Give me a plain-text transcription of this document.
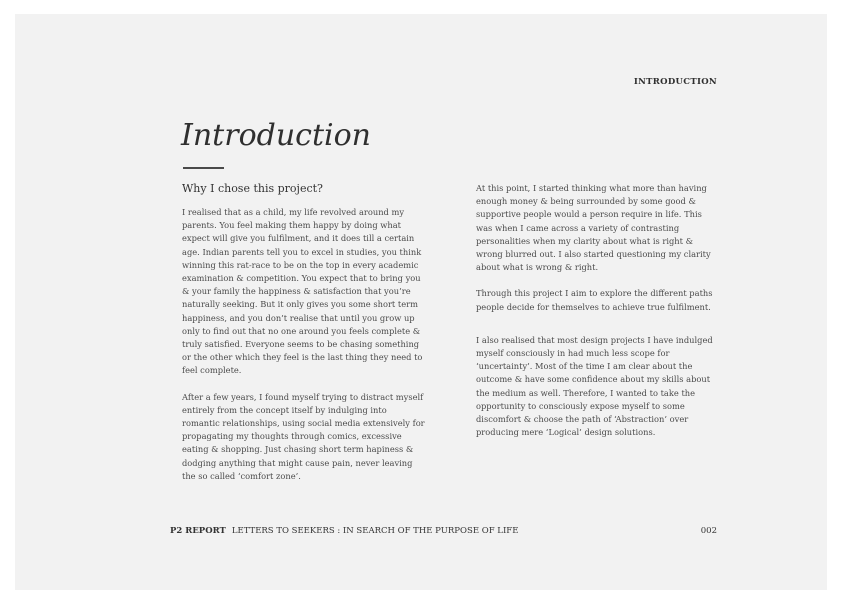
INTRODUCTION
Introduction
Why I chose this project?

I realised that as a child, my life revolved around my parents. You feel making them happy by doing what expect will give you fulfilment, and it does till a certain age. Indian parents tell you to excel in studies, you think winning this rat-race to be on the top in every academic examination & competition. You expect that to bring you & your family the happiness & satisfaction that you’re naturally seeking. But it only gives you some short term happiness, and you don’t realise that until you grow up only to find out that no one around you feels complete & truly satisfied. Everyone seems to be chasing something or the other which they feel is the last thing they need to feel complete.

After a few years, I found myself trying to distract myself entirely from the concept itself by indulging into romantic relationships, using social media extensively for propagating my thoughts through comics, excessive eating & shopping. Just chasing short term hapiness & dodging anything that might cause pain, never leaving the so called ‘comfort zone’.

At this point, I started thinking what more than having enough money & being surrounded by some good & supportive people would a person require in life. This was when I came across a variety of contrasting personalities when my clarity about what is right & wrong blurred out. I also started questioning my clarity about what is wrong & right.

Through this project I aim to explore the different paths people decide for themselves to achieve true fulfilment.

I also realised that most design projects I have indulged myself consciously in had much less scope for ‘uncertainty’. Most of the time I am clear about the outcome & have some confidence about my skills about the medium as well. Therefore, I wanted to take the opportunity to consciously expose myself to some discomfort & choose the path of ‘Abstraction’ over producing mere ‘Logical’ design solutions.

P2 REPORT LETTERS TO SEEKERS : IN SEARCH OF THE PURPOSE OF LIFE	002
